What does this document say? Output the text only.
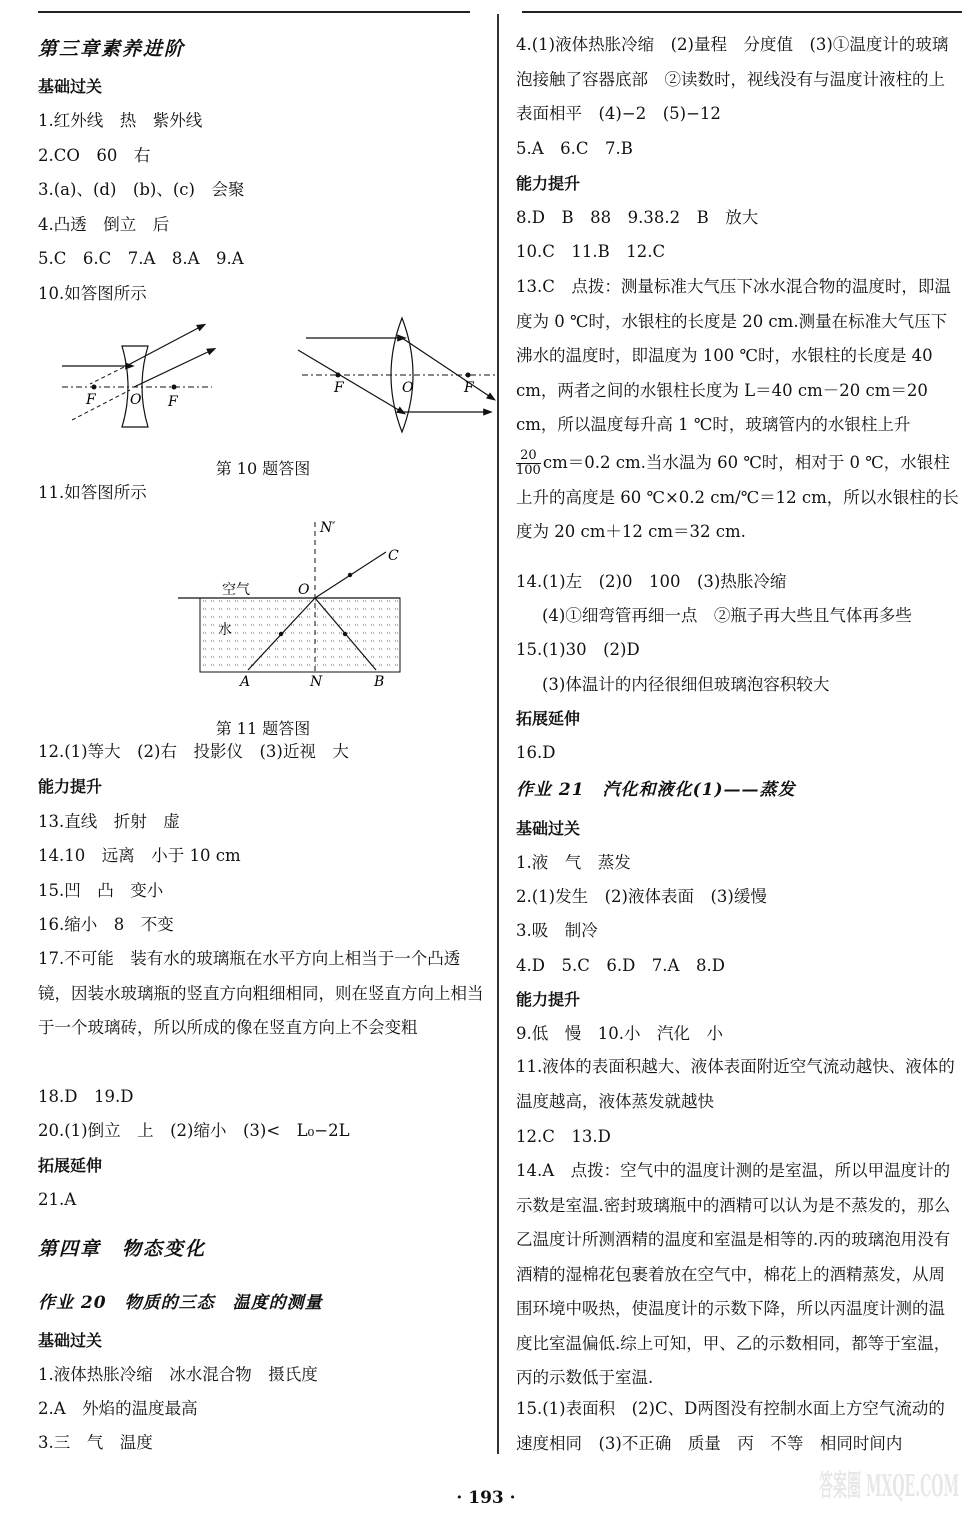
第三章素养进阶
基础过关
1.红外线　热　紫外线
2.CO　60　右
3.(a)、(d)　(b)、(c)　会聚
4.凸透　倒立　后
5.C　6.C　7.A　8.A　9.A
10.如答图所示
F O F
F	O	F
第 10 题答图
11.如答图所示
N′
C
空气	O
水
A	N	B
第 11 题答图
12.(1)等大　(2)右　投影仪　(3)近视　大
能力提升
13.直线　折射　虚
14.10　远离　小于 10 cm
15.凹　凸　变小
16.缩小　8　不变
17.不可能　装有水的玻璃瓶在水平方向上相当于一个凸透镜，因装水玻璃瓶的竖直方向粗细相同，则在竖直方向上相当于一个玻璃砖，所以所成的像在竖直方向上不会变粗
18.D　19.D
20.(1)倒立　上　(2)缩小　(3)<　L₀−2L
拓展延伸
21.A
第四章　物态变化
作业 20　物质的三态　温度的测量
基础过关
1.液体热胀冷缩　冰水混合物　摄氏度
2.A　外焰的温度最高
3.三　气　温度
4.(1)液体热胀冷缩　(2)量程　分度值　(3)①温度计的玻璃泡接触了容器底部　②读数时，视线没有与温度计液柱的上表面相平　(4)−2　(5)−12
5.A　6.C　7.B
能力提升
8.D　B　88　9.38.2　B　放大
10.C　11.B　12.C
13.C　点拨：测量标准大气压下冰水混合物的温度时，即温度为 0 ℃时，水银柱的长度是 20 cm.测量在标准大气压下沸水的温度时，即温度为 100 ℃时，水银柱的长度是 40 cm，两者之间的水银柱长度为 L＝40 cm－20 cm＝20 cm，所以温度每升高 1 ℃时，玻璃管内的水银柱上升
$\frac{20}{100} cm=0.2$ cm.当水温为 60 ℃时，相对于 0 ℃，水银柱上升的高度是 60 ℃×0.2 cm/℃＝12 cm，所以水银柱的长度为 20 cm＋12 cm＝32 cm.
14.(1)左　(2)0　100　(3)热胀冷缩
(4)①细弯管再细一点　②瓶子再大些且气体再多些
15.(1)30　(2)D
(3)体温计的内径很细但玻璃泡容积较大
拓展延伸
16.D
作业 21　汽化和液化(1)——蒸发
基础过关
1.液　气　蒸发
2.(1)发生　(2)液体表面　(3)缓慢
3.吸　制冷
4.D　5.C　6.D　7.A　8.D
能力提升
9.低　慢　10.小　汽化　小
11.液体的表面积越大、液体表面附近空气流动越快、液体的温度越高，液体蒸发就越快
12.C　13.D
14.A　点拨：空气中的温度计测的是室温，所以甲温度计的示数是室温.密封玻璃瓶中的酒精可以认为是不蒸发的，那么乙温度计所测酒精的温度和室温是相等的.丙的玻璃泡用没有酒精的湿棉花包裹着放在空气中，棉花上的酒精蒸发，从周围环境中吸热，使温度计的示数下降，所以丙温度计测的温度比室温偏低.综上可知，甲、乙的示数相同，都等于室温，丙的示数低于室温.
15.(1)表面积　(2)C、D两图没有控制水面上方空气流动的速度相同　(3)不正确　质量　丙　不等　相同时间内
· 193 ·	答案圈 MXQE.COM
